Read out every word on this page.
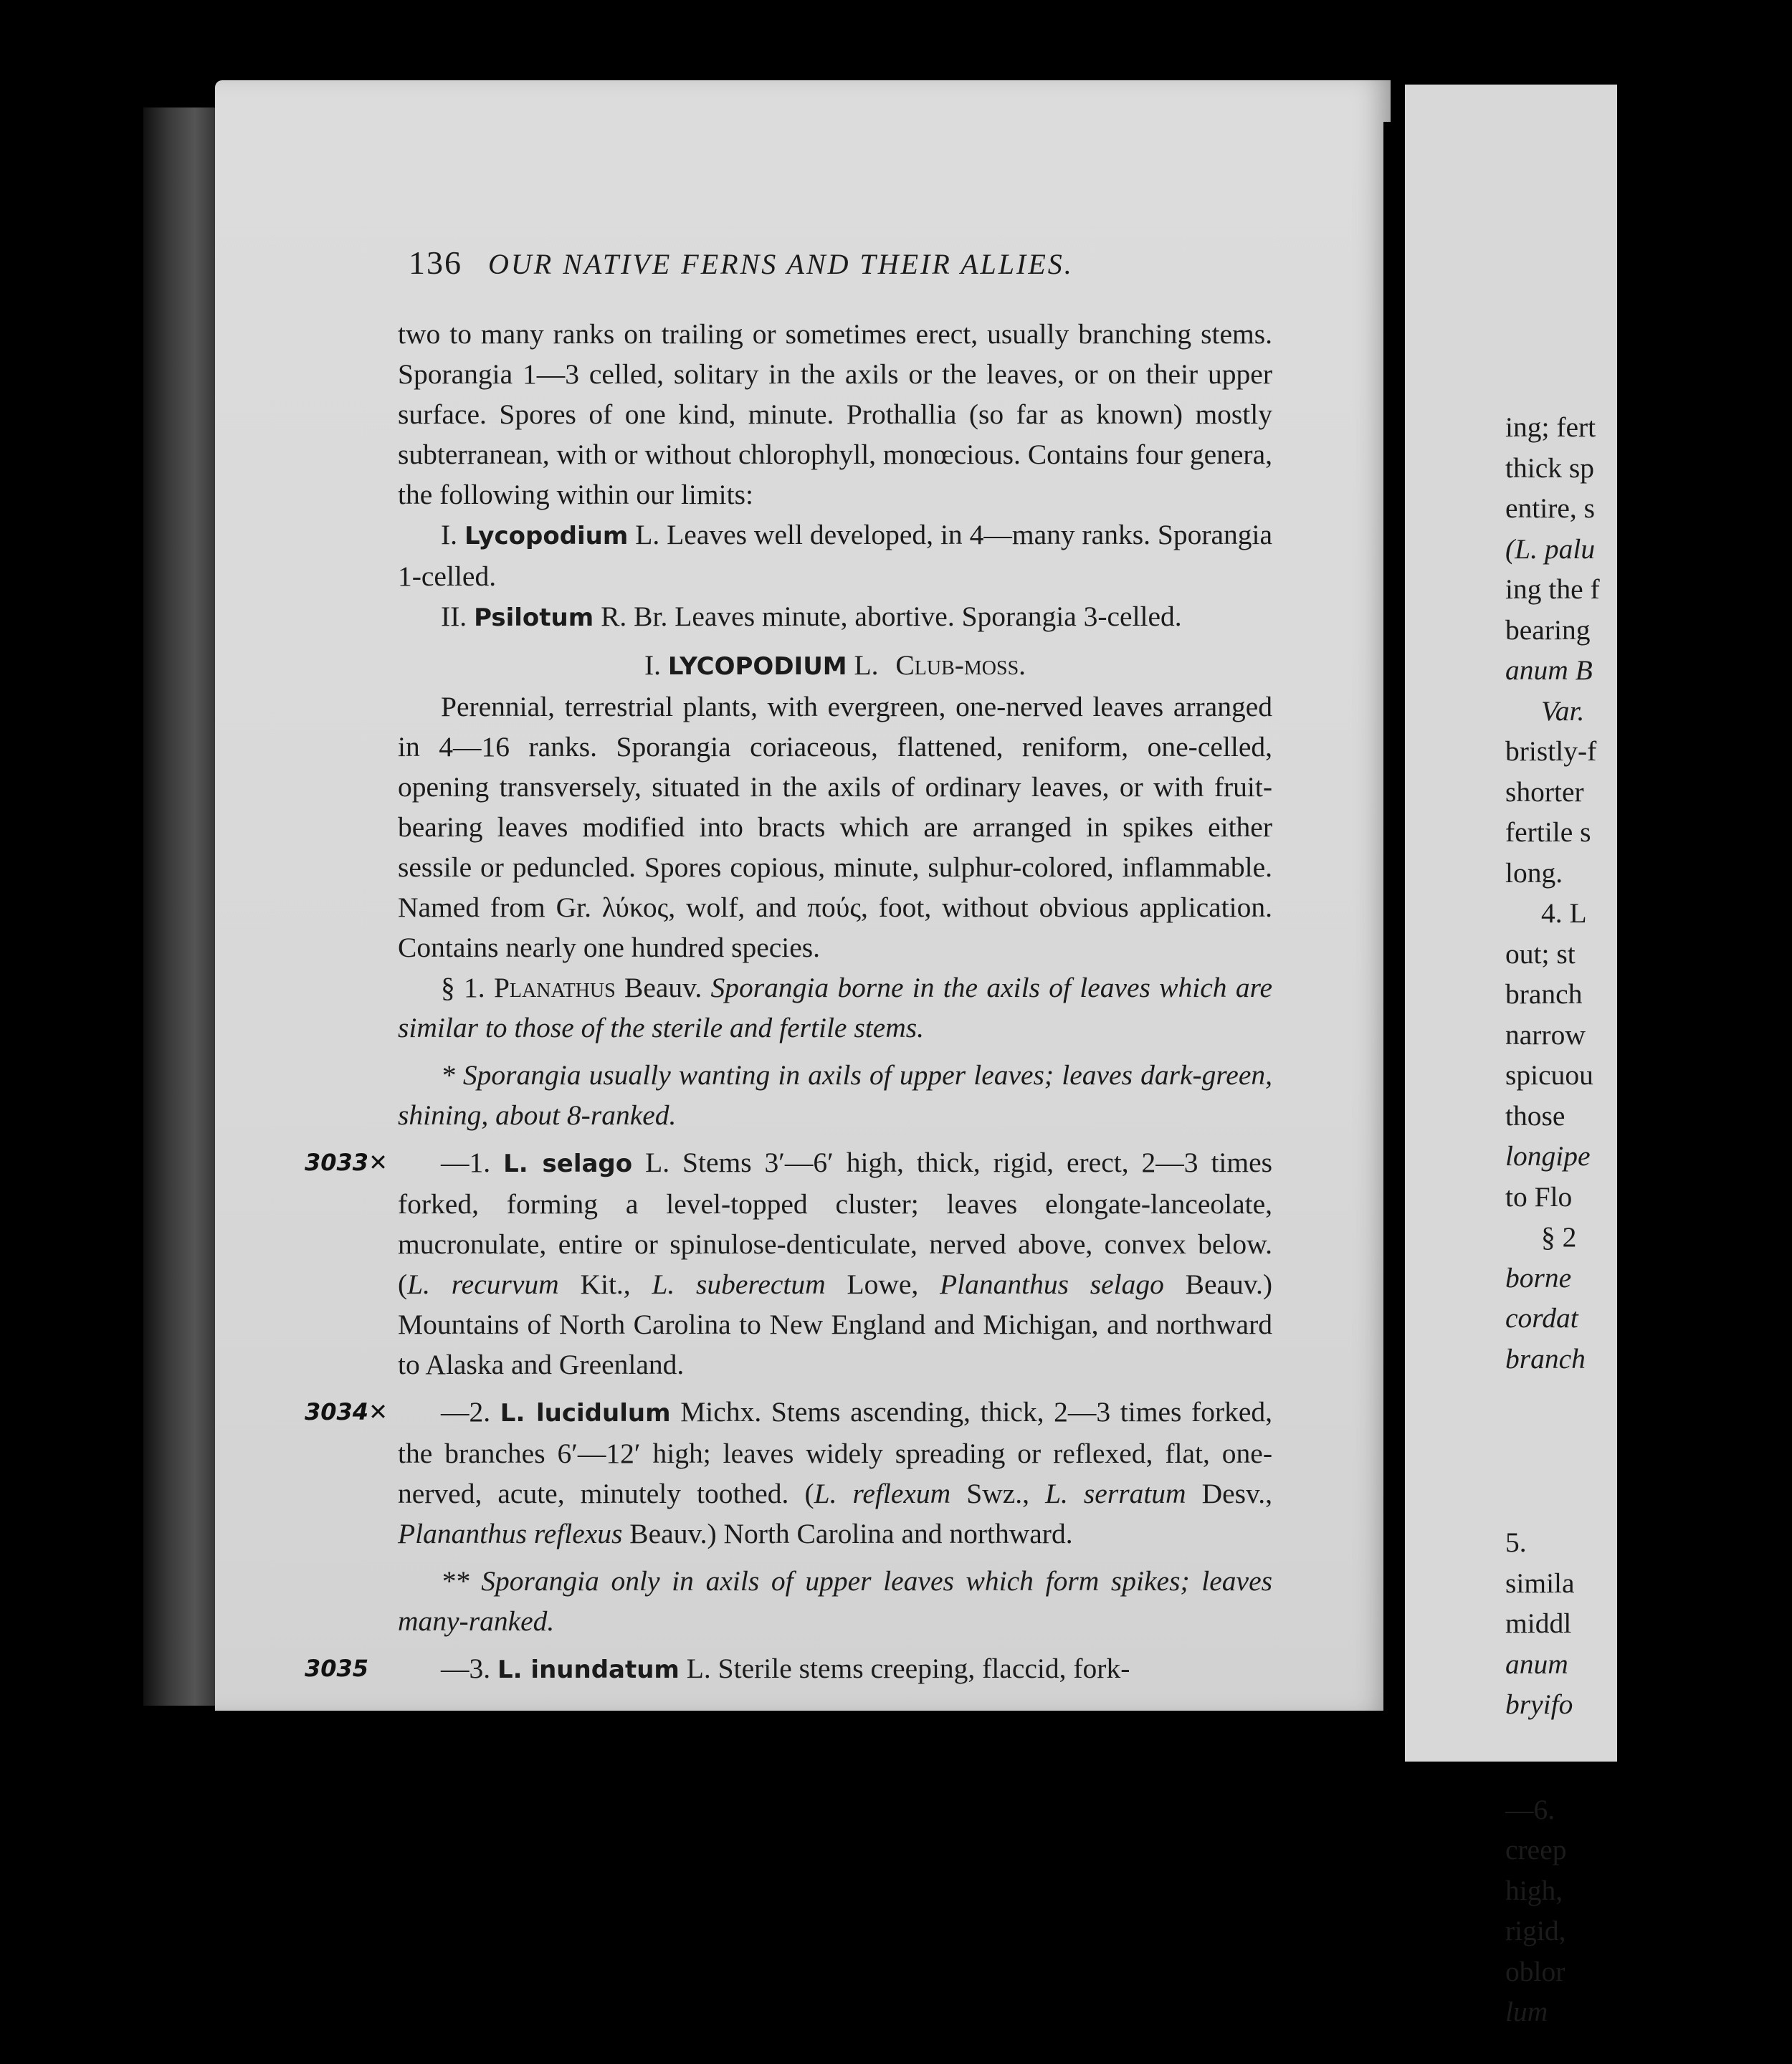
136 OUR NATIVE FERNS AND THEIR ALLIES.

two to many ranks on trailing or sometimes erect, usually branching stems. Sporangia 1—3 celled, solitary in the axils or the leaves, or on their upper surface. Spores of one kind, minute. Prothallia (so far as known) mostly subterranean, with or without chlorophyll, monœcious. Contains four genera, the following within our limits:

I. Lycopodium L. Leaves well developed, in 4—many ranks. Sporangia 1-celled.

II. Psilotum R. Br. Leaves minute, abortive. Sporangia 3-celled.

I. LYCOPODIUM L. Club-moss.

Perennial, terrestrial plants, with evergreen, one-nerved leaves arranged in 4—16 ranks. Sporangia coriaceous, flattened, reniform, one-celled, opening transversely, situated in the axils of ordinary leaves, or with fruit-bearing leaves modified into bracts which are arranged in spikes either sessile or peduncled. Spores copious, minute, sulphur-colored, inflammable. Named from Gr. λύκος, wolf, and πούς, foot, without obvious application. Contains nearly one hundred species.

§ 1. Planathus Beauv. Sporangia borne in the axils of leaves which are similar to those of the sterile and fertile stems.

* Sporangia usually wanting in axils of upper leaves; leaves dark-green, shining, about 8-ranked.

3033✕ —1. L. selago L. Stems 3′—6′ high, thick, rigid, erect, 2—3 times forked, forming a level-topped cluster; leaves elongate-lanceolate, mucronulate, entire or spinulose-denticulate, nerved above, convex below. (L. recurvum Kit., L. suberectum Lowe, Plananthus selago Beauv.) Mountains of North Carolina to New England and Michigan, and northward to Alaska and Greenland.

3034✕ —2. L. lucidulum Michx. Stems ascending, thick, 2—3 times forked, the branches 6′—12′ high; leaves widely spreading or reflexed, flat, one-nerved, acute, minutely toothed. (L. reflexum Swz., L. serratum Desv., Plananthus reflexus Beauv.) North Carolina and northward.

** Sporangia only in axils of upper leaves which form spikes; leaves many-ranked.

3035	—3. L. inundatum L. Sterile stems creeping, flaccid, fork-

ing; fert
thick sp
entire, s
(L. palu
ing the f
bearing
anum B
Var.
bristly-f
shorter
fertile s
long.
4. L
out; st
branch
narrow
spicuou
those
longipe
to Flo
§ 2
borne
cordat
branch
5.
simila
middl
anum
bryifo
—6.
creep
high,
rigid,
oblor
lum
